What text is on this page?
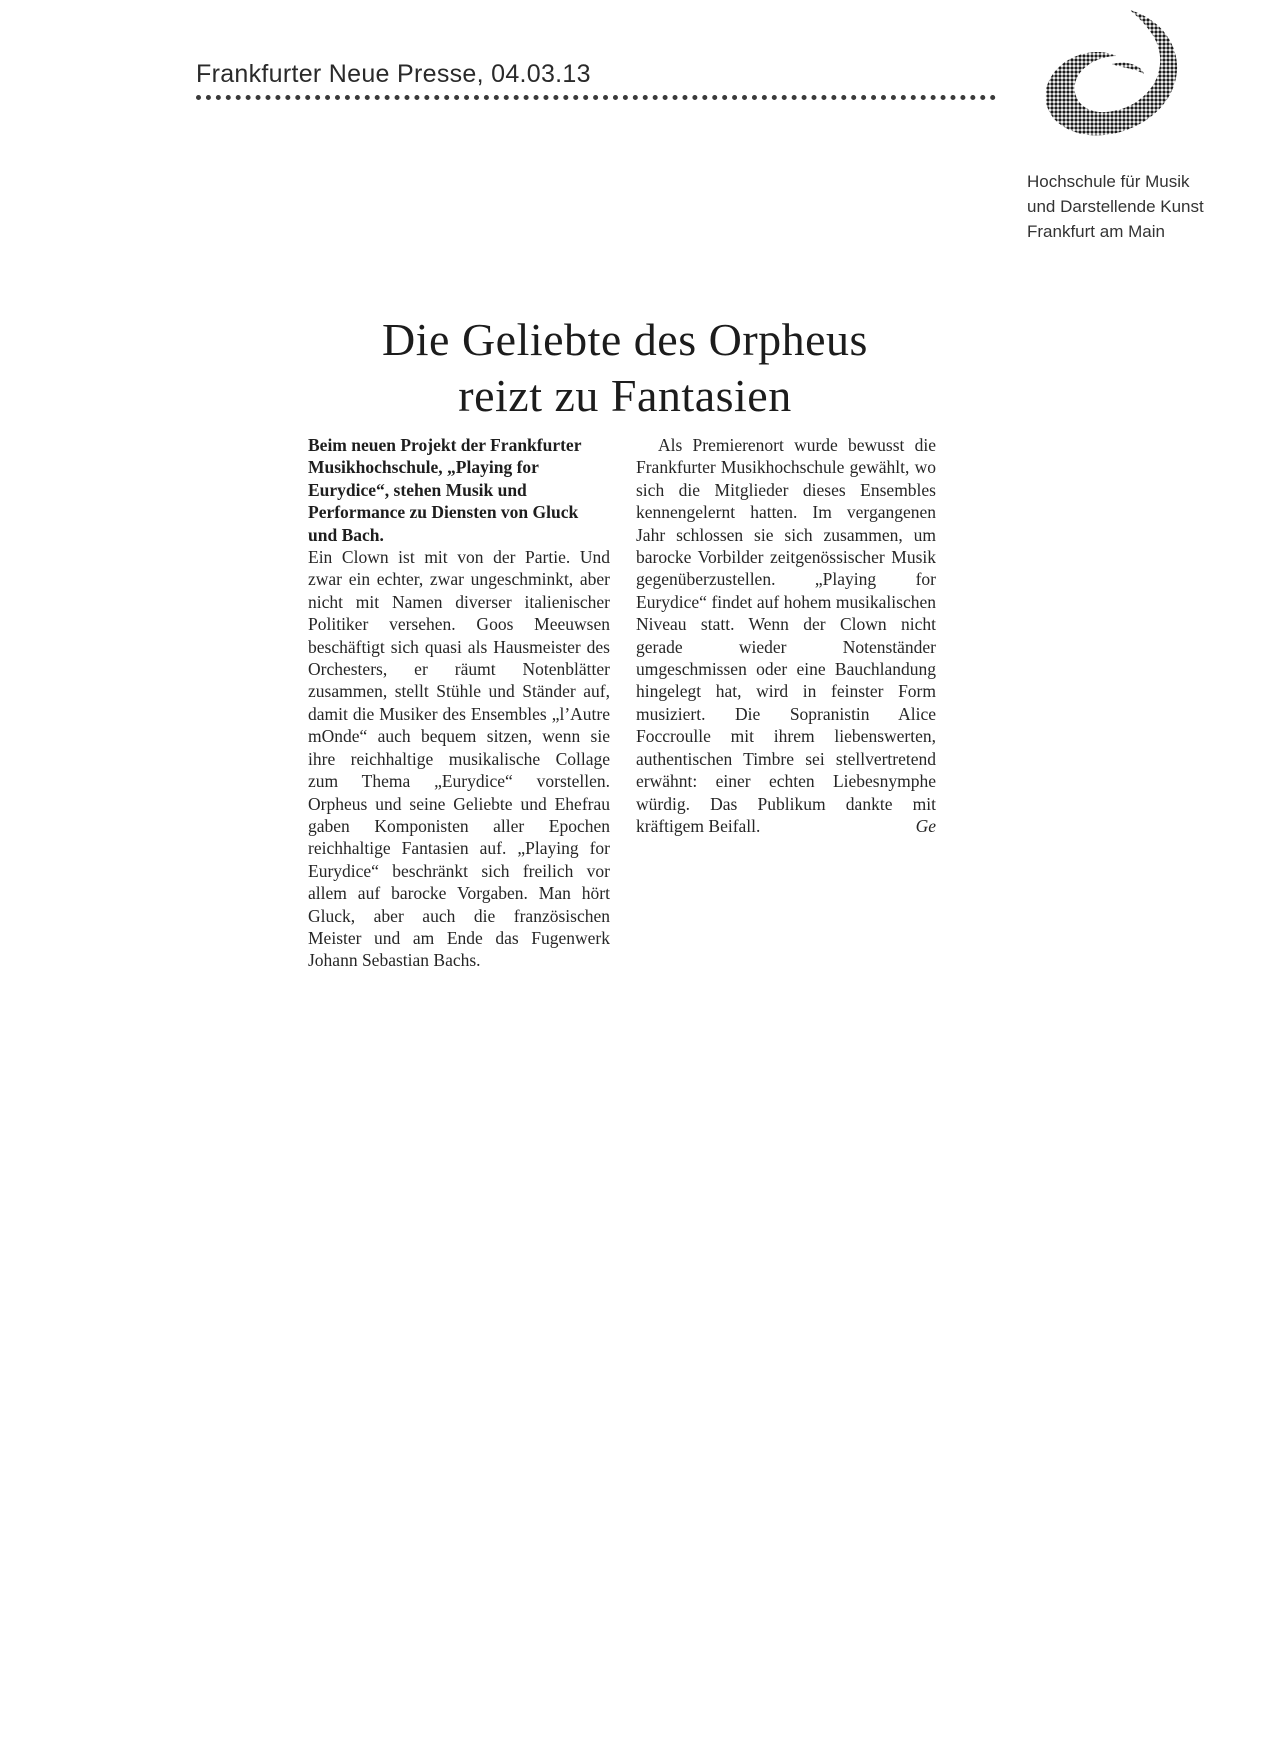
Frankfurter Neue Presse, 04.03.13
Hochschule für Musik
und Darstellende Kunst
Frankfurt am Main
Die Geliebte des Orpheus
reizt zu Fantasien

Beim neuen Projekt der Frankfurter Musikhochschule, „Playing for Eurydice“, stehen Musik und Performance zu Diensten von Gluck und Bach.

Ein Clown ist mit von der Partie. Und zwar ein echter, zwar ungeschminkt, aber nicht mit Namen diverser italienischer Politiker versehen. Goos Meeuwsen beschäftigt sich quasi als Hausmeister des Orchesters, er räumt Notenblätter zusammen, stellt Stühle und Ständer auf, damit die Musiker des Ensembles „l’Autre mOnde“ auch bequem sitzen, wenn sie ihre reichhaltige musikalische Collage zum Thema „Eurydice“ vorstellen. Orpheus und seine Geliebte und Ehefrau gaben Komponisten aller Epochen reichhaltige Fantasien auf. „Playing for Eurydice“ beschränkt sich freilich vor allem auf barocke Vorgaben. Man hört Gluck, aber auch die französischen Meister und am Ende das Fugenwerk Johann Sebastian Bachs.

Als Premierenort wurde bewusst die Frankfurter Musikhochschule gewählt, wo sich die Mitglieder dieses Ensembles kennengelernt hatten. Im vergangenen Jahr schlossen sie sich zusammen, um barocke Vorbilder zeitgenössischer Musik gegenüberzustellen. „Playing for Eurydice“ findet auf hohem musikalischen Niveau statt. Wenn der Clown nicht gerade wieder Notenständer umgeschmissen oder eine Bauchlandung hingelegt hat, wird in feinster Form musiziert. Die Sopranistin Alice Foccroulle mit ihrem liebenswerten, authentischen Timbre sei stellvertretend erwähnt: einer echten Liebesnymphe würdig. Das Publikum dankte mit kräftigem Beifall.	Ge
